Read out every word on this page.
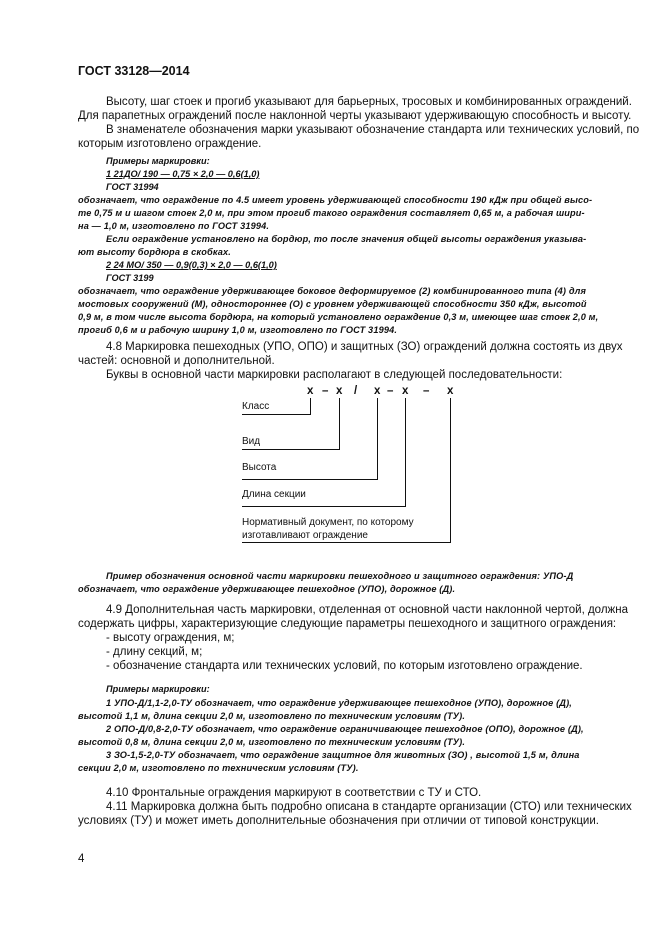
ГОСТ 33128—2014
Высоту, шаг стоек и прогиб указывают для барьерных, тросовых и комбинированных ограждений.
Для парапетных ограждений после наклонной черты указывают удерживающую способность и высоту.
В знаменателе обозначения марки указывают обозначение стандарта или технических условий, по
которым изготовлено ограждение.
Примеры маркировки:
1 21ДО/ 190 — 0,75 × 2,0 — 0,6(1,0)
ГОСТ 31994
обозначает, что ограждение по 4.5 имеет уровень удерживающей способности 190 кДж при общей высо-
те 0,75 м и шагом стоек 2,0 м, при этом прогиб такого ограждения составляет 0,65 м, а рабочая шири-
на — 1,0 м, изготовлено по ГОСТ 31994.
Если ограждение установлено на бордюр, то после значения общей высоты ограждения указыва-
ют высоту бордюра в скобках.
2 24 МО/ 350 — 0,9(0,3) × 2,0 — 0,6(1,0)
ГОСТ 3199
обозначает, что ограждение удерживающее боковое деформируемое (2) комбинированного типа (4) для
мостовых сооружений (М), одностороннее (О) с уровнем удерживающей способности 350 кДж, высотой
0,9 м, в том числе высота бордюра, на который установлено ограждение 0,3 м, имеющее шаг стоек 2,0 м,
прогиб 0,6 м и рабочую ширину 1,0 м, изготовлено по ГОСТ 31994.
4.8 Маркировка пешеходных (УПО, ОПО) и защитных (ЗО) ограждений должна состоять из двух
частей: основной и дополнительной.
Буквы в основной части маркировки располагают в следующей последовательности:
х – х / х – х – х
Класс
Вид
Высота
Длина секции
Нормативный документ, по которому
изготавливают ограждение
Пример обозначения основной части маркировки пешеходного и защитного ограждения: УПО-Д
обозначает, что ограждение удерживающее пешеходное (УПО), дорожное (Д).
4.9 Дополнительная часть маркировки, отделенная от основной части наклонной чертой, должна
содержать цифры, характеризующие следующие параметры пешеходного и защитного ограждения:
- высоту ограждения, м;
- длину секций, м;
- обозначение стандарта или технических условий, по которым изготовлено ограждение.
Примеры маркировки:
1 УПО-Д/1,1-2,0-ТУ обозначает, что ограждение удерживающее пешеходное (УПО), дорожное (Д),
высотой 1,1 м, длина секции 2,0 м, изготовлено по техническим условиям (ТУ).
2 ОПО-Д/0,8-2,0-ТУ обозначает, что ограждение ограничивающее пешеходное (ОПО), дорожное (Д),
высотой 0,8 м, длина секции 2,0 м, изготовлено по техническим условиям (ТУ).
3 ЗО-1,5-2,0-ТУ обозначает, что ограждение защитное для животных (ЗО) , высотой 1,5 м, длина
секции 2,0 м, изготовлено по техническим условиям (ТУ).
4.10 Фронтальные ограждения маркируют в соответствии с ТУ и СТО.
4.11 Маркировка должна быть подробно описана в стандарте организации (СТО) или технических
условиях (ТУ) и может иметь дополнительные обозначения при отличии от типовой конструкции.
4
